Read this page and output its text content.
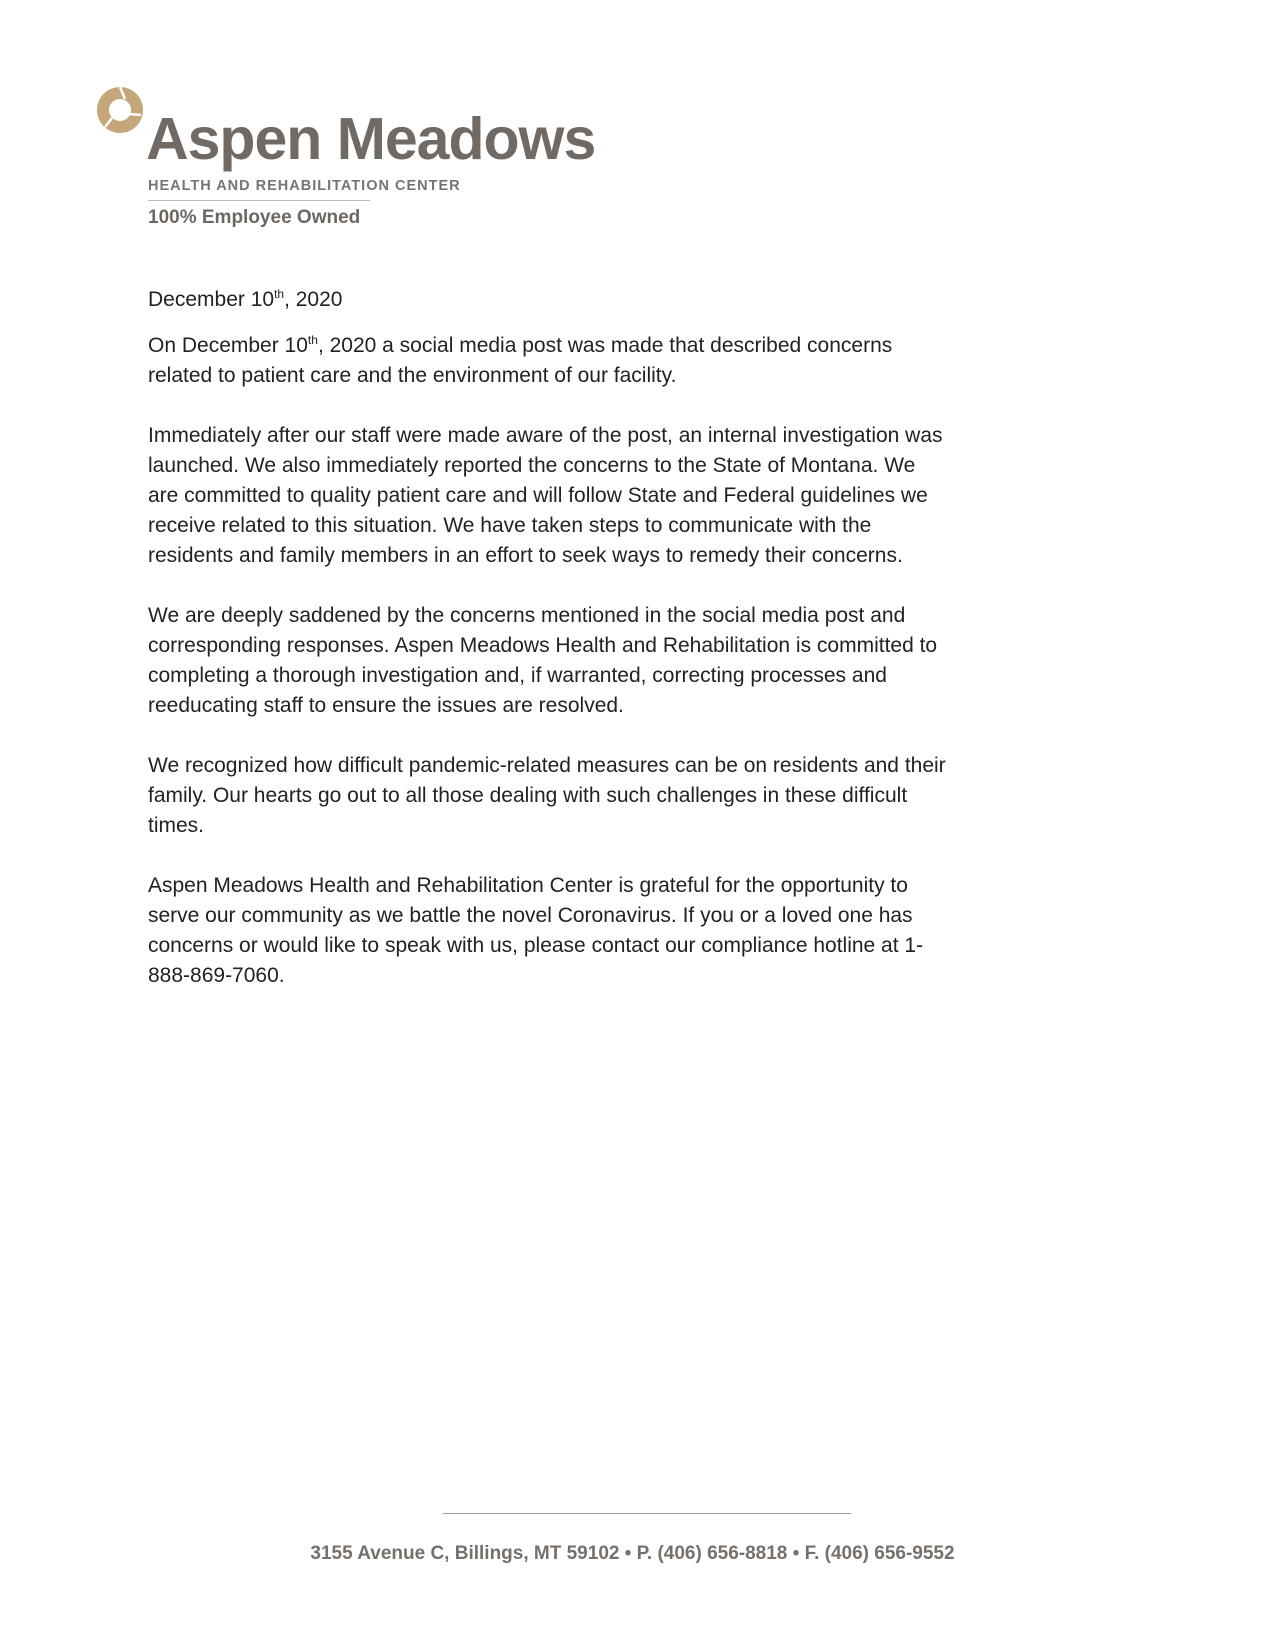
Aspen Meadows
HEALTH AND REHABILITATION CENTER
100% Employee Owned

December 10th, 2020

On December 10th, 2020 a social media post was made that described concerns
related to patient care and the environment of our facility.

Immediately after our staff were made aware of the post, an internal investigation was
launched. We also immediately reported the concerns to the State of Montana. We
are committed to quality patient care and will follow State and Federal guidelines we
receive related to this situation. We have taken steps to communicate with the
residents and family members in an effort to seek ways to remedy their concerns.

We are deeply saddened by the concerns mentioned in the social media post and
corresponding responses. Aspen Meadows Health and Rehabilitation is committed to
completing a thorough investigation and, if warranted, correcting processes and
reeducating staff to ensure the issues are resolved.

We recognized how difficult pandemic-related measures can be on residents and their
family. Our hearts go out to all those dealing with such challenges in these difficult
times.

Aspen Meadows Health and Rehabilitation Center is grateful for the opportunity to
serve our community as we battle the novel Coronavirus. If you or a loved one has
concerns or would like to speak with us, please contact our compliance hotline at 1-
888-869-7060.

3155 Avenue C, Billings, MT 59102 • P. (406) 656-8818 • F. (406) 656-9552
